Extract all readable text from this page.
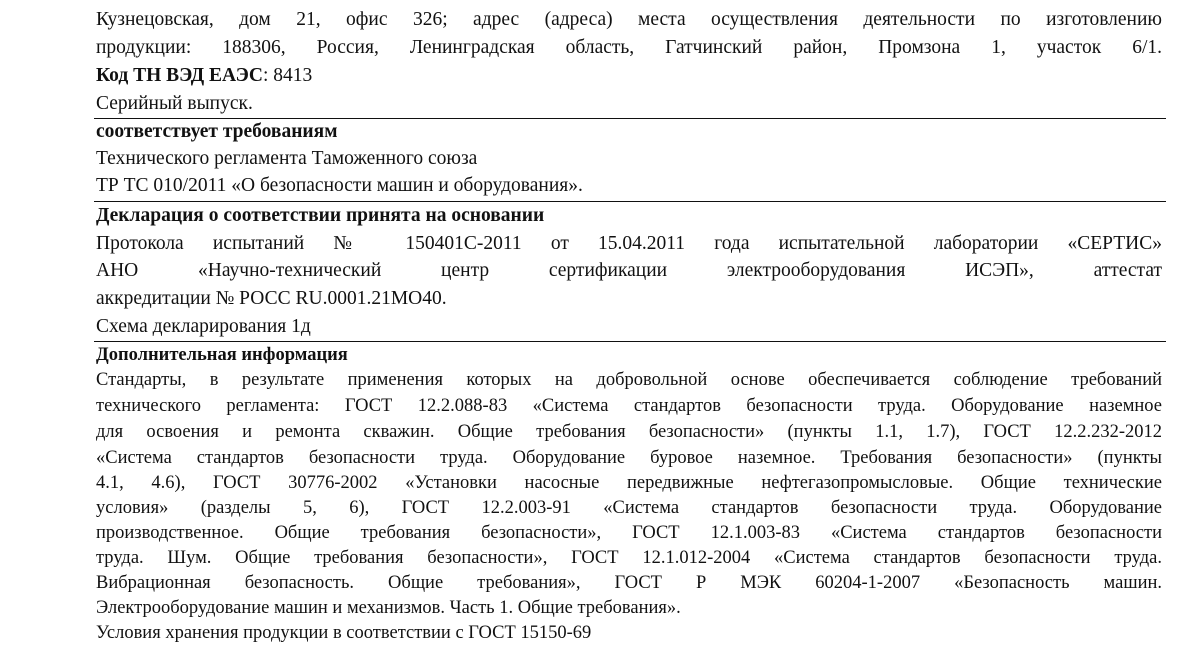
Кузнецовская, дом 21, офис 326; адрес (адреса) места осуществления деятельности по изготовлению

продукции: 188306, Россия, Ленинградская область, Гатчинский район, Промзона 1, участок 6/1.

Код ТН ВЭД ЕАЭС: 8413

Серийный выпуск.

соответствует требованиям

Технического регламента Таможенного союза

ТР ТС 010/2011 «О безопасности машин и оборудования».

Декларация о соответствии принята на основании

Протокола испытаний № 150401С-2011 от 15.04.2011 года испытательной лаборатории «СЕРТИС»

АНО «Научно-технический центр сертификации электрооборудования ИСЭП», аттестат

аккредитации № РОСС RU.0001.21МО40.

Схема декларирования 1д

Дополнительная информация

Стандарты, в результате применения которых на добровольной основе обеспечивается соблюдение требований

технического регламента: ГОСТ 12.2.088-83 «Система стандартов безопасности труда. Оборудование наземное

для освоения и ремонта скважин. Общие требования безопасности» (пункты 1.1, 1.7), ГОСТ 12.2.232-2012

«Система стандартов безопасности труда. Оборудование буровое наземное. Требования безопасности» (пункты

4.1, 4.6), ГОСТ 30776-2002 «Установки насосные передвижные нефтегазопромысловые. Общие технические

условия» (разделы 5, 6), ГОСТ 12.2.003-91 «Система стандартов безопасности труда. Оборудование

производственное. Общие требования безопасности», ГОСТ 12.1.003-83 «Система стандартов безопасности

труда. Шум. Общие требования безопасности», ГОСТ 12.1.012-2004 «Система стандартов безопасности труда.

Вибрационная безопасность. Общие требования», ГОСТ Р МЭК 60204-1-2007 «Безопасность машин.

Электрооборудование машин и механизмов. Часть 1. Общие требования».

Условия хранения продукции в соответствии с ГОСТ 15150-69
